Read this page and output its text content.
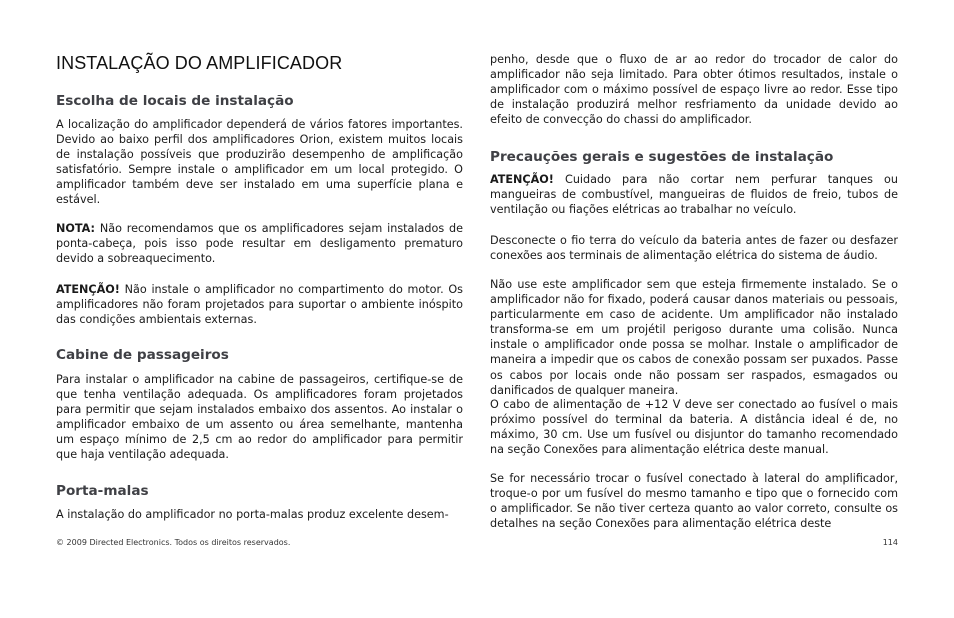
INSTALAÇÃO DO AMPLIFICADOR
Escolha de locais de instalação

A localização do amplificador dependerá de vários fatores importantes. Devido ao baixo perfil dos amplificadores Orion, existem muitos locais de instalação possíveis que produzirão desempenho de amplificação satisfatório. Sempre instale o amplificador em um local protegido. O amplificador também deve ser instalado em uma superfície plana e estável.

NOTA: Não recomendamos que os amplificadores sejam instalados de ponta-cabeça, pois isso pode resultar em desligamento prematuro devido a sobreaquecimento.

ATENÇÃO! Não instale o amplificador no compartimento do motor. Os amplificadores não foram projetados para suportar o ambiente inóspito das condições ambientais externas.

Cabine de passageiros

Para instalar o amplificador na cabine de passageiros, certifique-se de que tenha ventilação adequada. Os amplificadores foram projetados para permitir que sejam instalados embaixo dos assentos. Ao instalar o amplificador embaixo de um assento ou área semelhante, mantenha um espaço mínimo de 2,5 cm ao redor do amplificador para permitir que haja ventilação adequada.

Porta-malas

A instalação do amplificador no porta-malas produz excelente desem-

penho, desde que o fluxo de ar ao redor do trocador de calor do amplificador não seja limitado. Para obter ótimos resultados, instale o amplificador com o máximo possível de espaço livre ao redor. Esse tipo de instalação produzirá melhor resfriamento da unidade devido ao efeito de convecção do chassi do amplificador.

Precauções gerais e sugestões de instalação

ATENÇÃO! Cuidado para não cortar nem perfurar tanques ou mangueiras de combustível, mangueiras de fluidos de freio, tubos de ventilação ou fiações elétricas ao trabalhar no veículo.

Desconecte o fio terra do veículo da bateria antes de fazer ou desfazer conexões aos terminais de alimentação elétrica do sistema de áudio.

Não use este amplificador sem que esteja firmemente instalado. Se o amplificador não for fixado, poderá causar danos materiais ou pessoais, particularmente em caso de acidente. Um amplificador não instalado transforma-se em um projétil perigoso durante uma colisão. Nunca instale o amplificador onde possa se molhar. Instale o amplificador de maneira a impedir que os cabos de conexão possam ser puxados. Passe os cabos por locais onde não possam ser raspados, esmagados ou danificados de qualquer maneira.

O cabo de alimentação de +12 V deve ser conectado ao fusível o mais próximo possível do terminal da bateria. A distância ideal é de, no máximo, 30 cm. Use um fusível ou disjuntor do tamanho recomendado na seção Conexões para alimentação elétrica deste manual.

Se for necessário trocar o fusível conectado à lateral do amplificador, troque-o por um fusível do mesmo tamanho e tipo que o fornecido com o amplificador. Se não tiver certeza quanto ao valor correto, consulte os detalhes na seção Conexões para alimentação elétrica deste

© 2009 Directed Electronics. Todos os direitos reservados.	114
